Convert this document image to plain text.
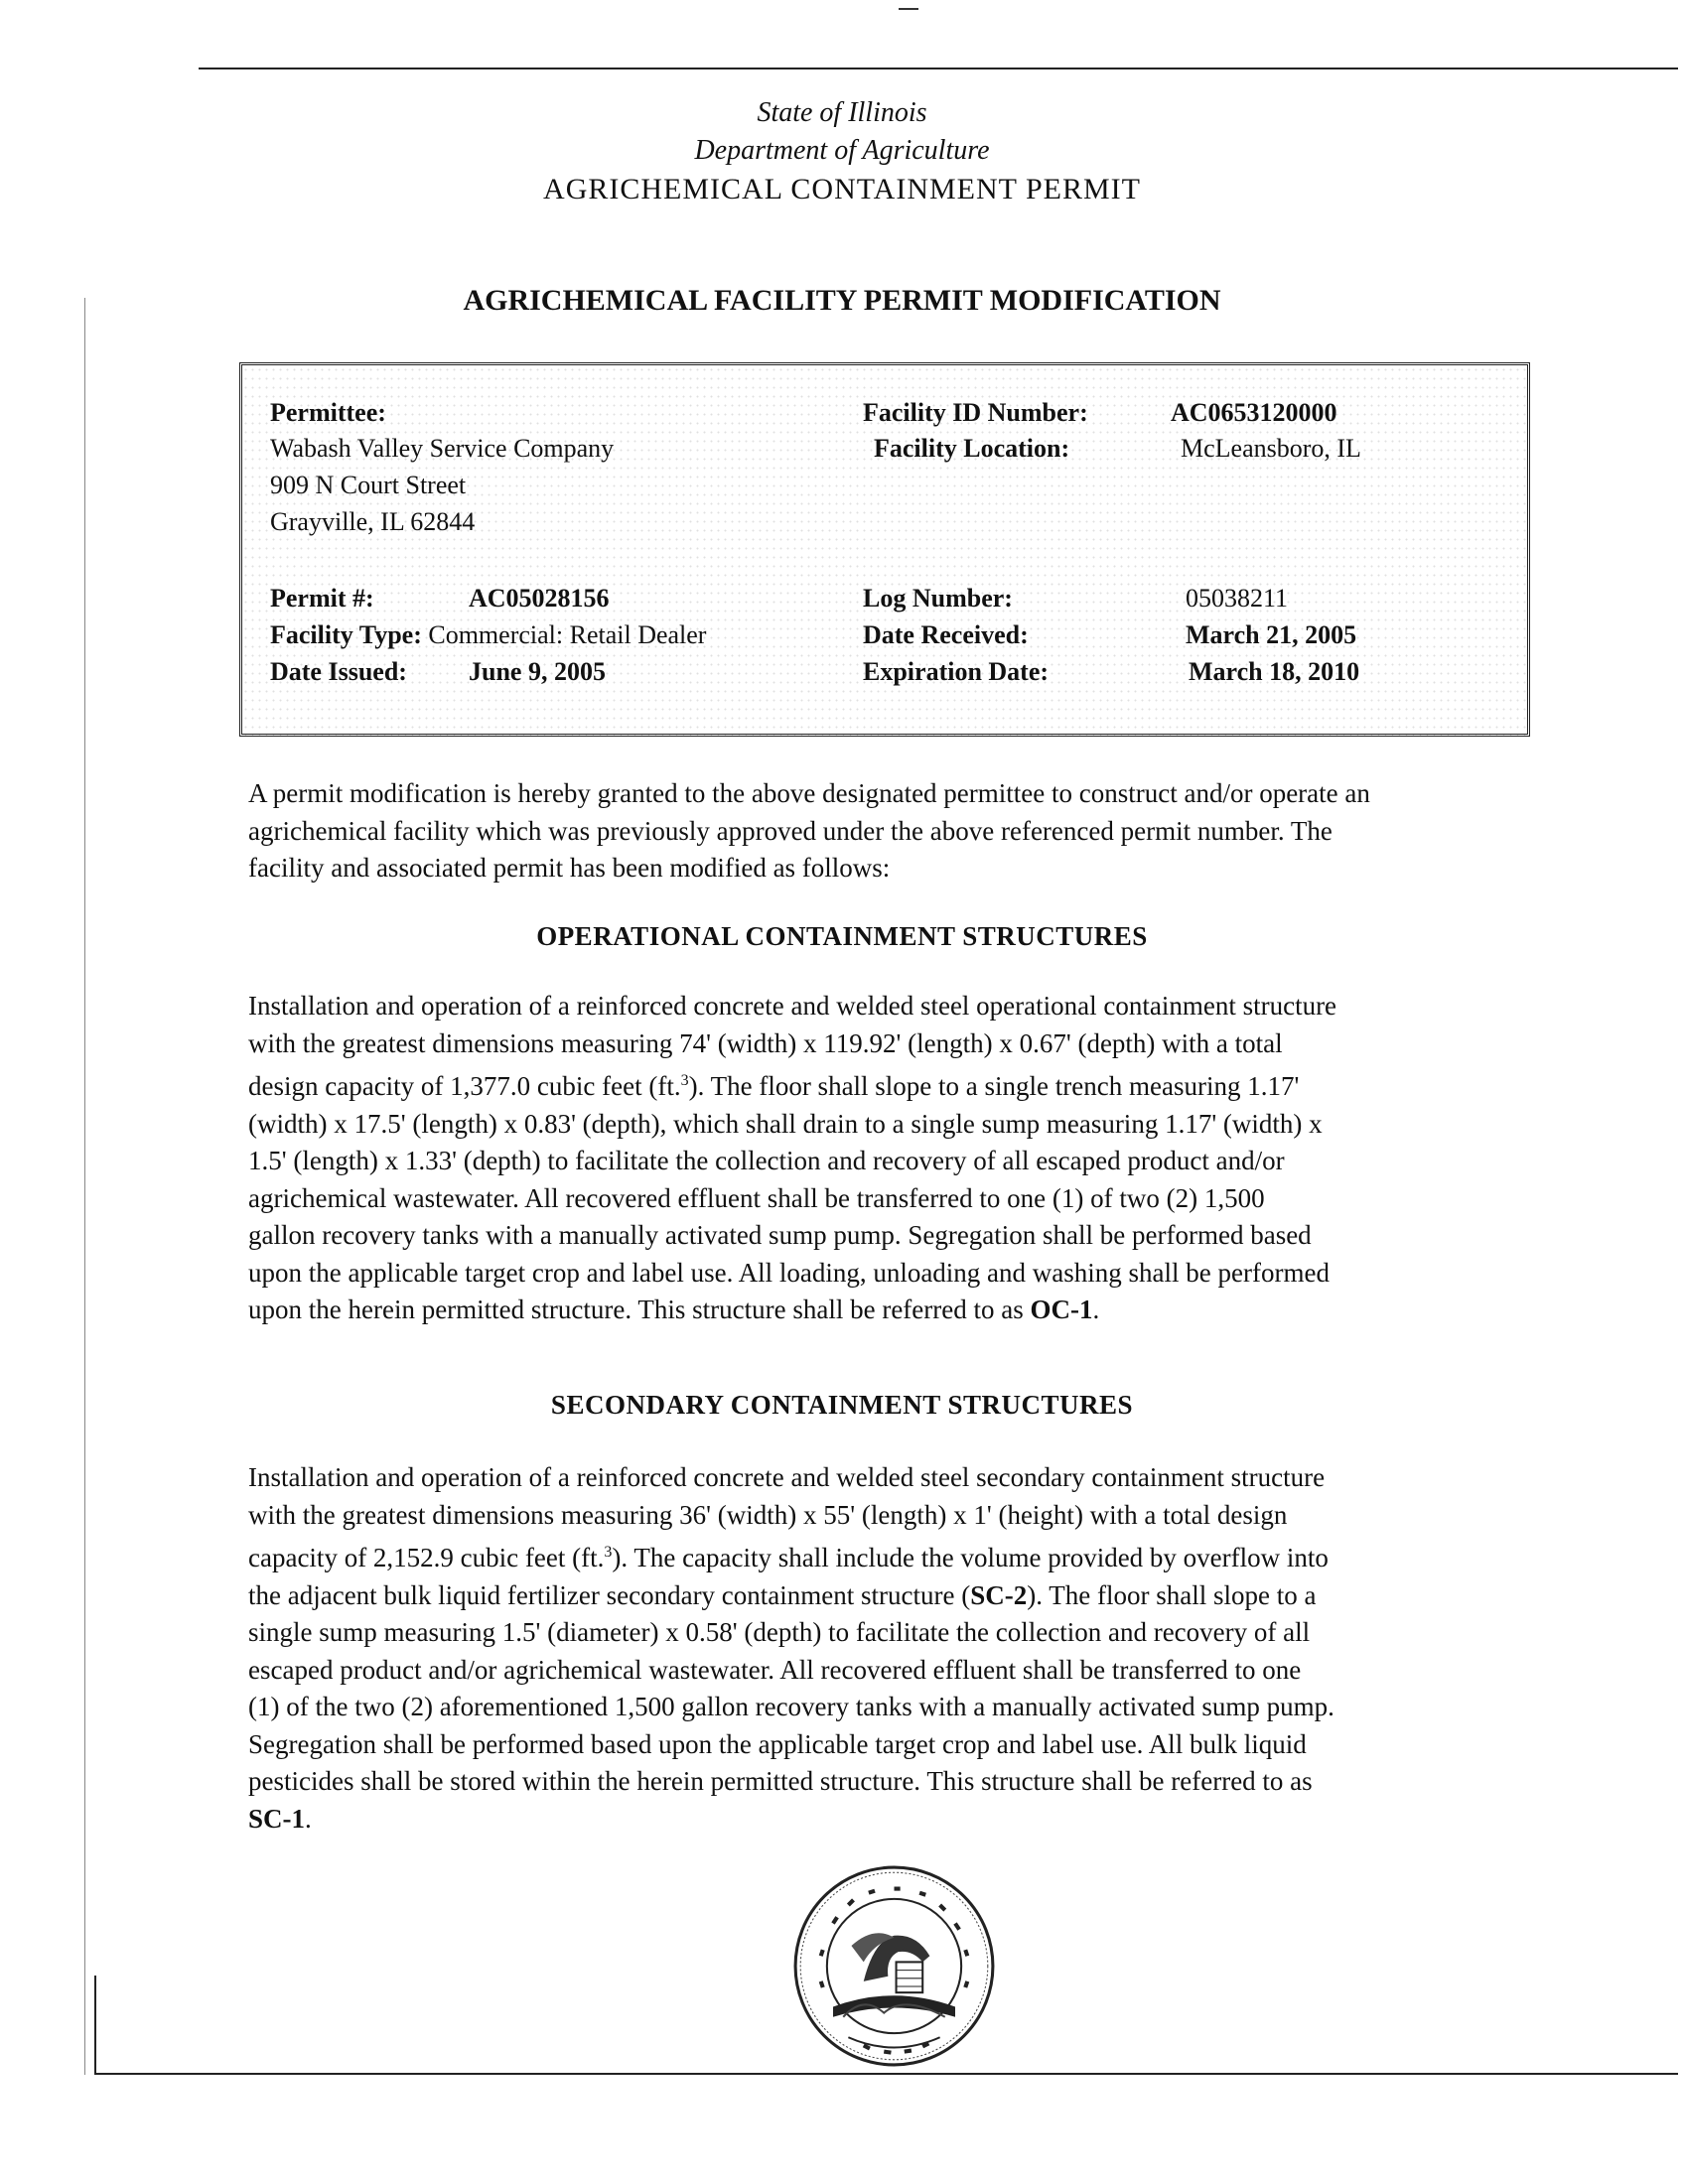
State of Illinois
Department of Agriculture
AGRICHEMICAL CONTAINMENT PERMIT
AGRICHEMICAL FACILITY PERMIT MODIFICATION
Permittee:
Wabash Valley Service Company
909 N Court Street
Grayville, IL 62844
Facility ID Number:	AC0653120000
Facility Location:	McLeansboro, IL
Permit #:	AC05028156	Log Number:	05038211
Facility Type: Commercial: Retail Dealer	Date Received:	March 21, 2005
Date Issued: June 9, 2005	Expiration Date:	March 18, 2010
A permit modification is hereby granted to the above designated permittee to construct and/or operate an
agrichemical facility which was previously approved under the above referenced permit number. The
facility and associated permit has been modified as follows:
OPERATIONAL CONTAINMENT STRUCTURES
Installation and operation of a reinforced concrete and welded steel operational containment structure
with the greatest dimensions measuring 74' (width) x 119.92' (length) x 0.67' (depth) with a total
design capacity of 1,377.0 cubic feet (ft.$^3$). The floor shall slope to a single trench measuring 1.17'
(width) x 17.5' (length) x 0.83' (depth), which shall drain to a single sump measuring 1.17' (width) x
1.5' (length) x 1.33' (depth) to facilitate the collection and recovery of all escaped product and/or
agrichemical wastewater. All recovered effluent shall be transferred to one (1) of two (2) 1,500
gallon recovery tanks with a manually activated sump pump. Segregation shall be performed based
upon the applicable target crop and label use. All loading, unloading and washing shall be performed
upon the herein permitted structure. This structure shall be referred to as OC-1.
SECONDARY CONTAINMENT STRUCTURES
Installation and operation of a reinforced concrete and welded steel secondary containment structure
with the greatest dimensions measuring 36' (width) x 55' (length) x 1' (height) with a total design
capacity of 2,152.9 cubic feet (ft.$^3$). The capacity shall include the volume provided by overflow into
the adjacent bulk liquid fertilizer secondary containment structure (SC-2). The floor shall slope to a
single sump measuring 1.5' (diameter) x 0.58' (depth) to facilitate the collection and recovery of all
escaped product and/or agrichemical wastewater. All recovered effluent shall be transferred to one
(1) of the two (2) aforementioned 1,500 gallon recovery tanks with a manually activated sump pump.
Segregation shall be performed based upon the applicable target crop and label use. All bulk liquid
pesticides shall be stored within the herein permitted structure. This structure shall be referred to as
SC-1.
